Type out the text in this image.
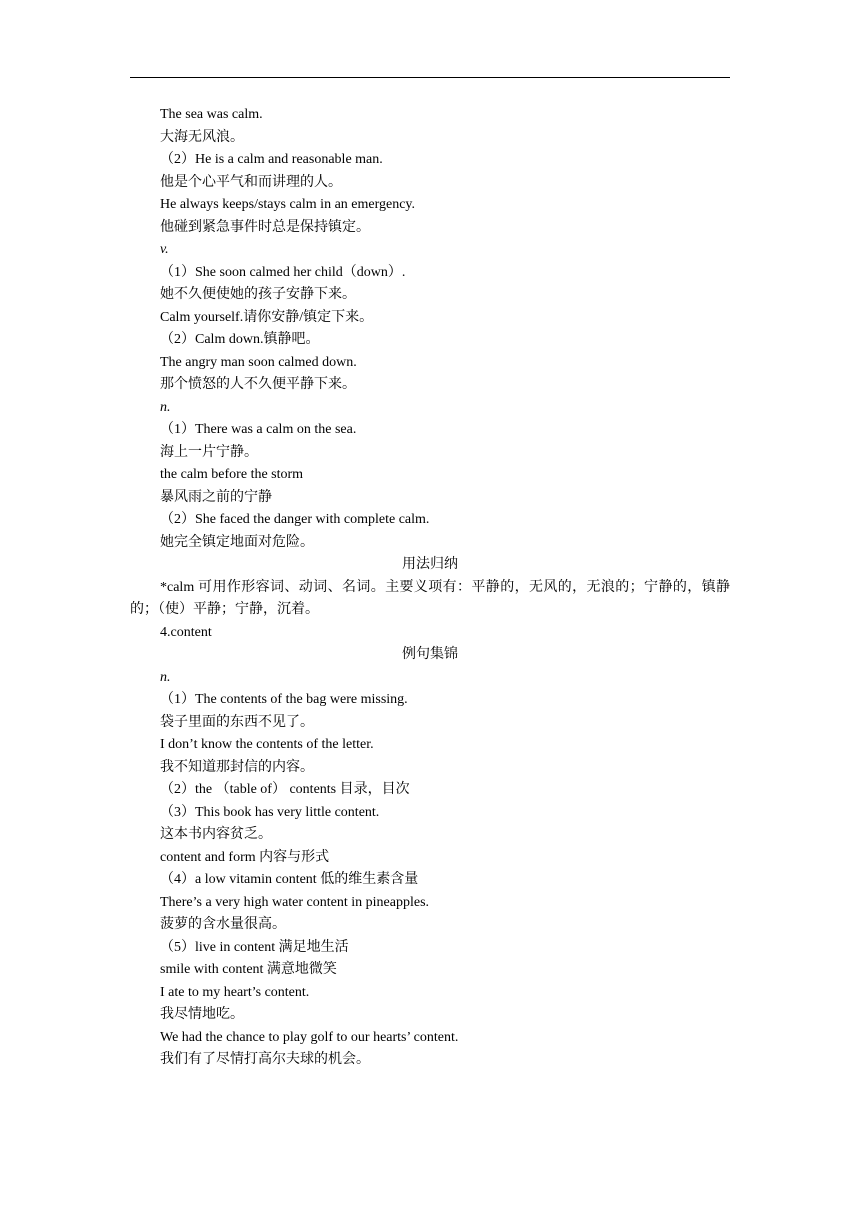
The sea was calm.

大海无风浪。

（2）He is a calm and reasonable man.

他是个心平气和而讲理的人。

He always keeps/stays calm in an emergency.

他碰到紧急事件时总是保持镇定。

v.

（1）She soon calmed her child（down）.

她不久便使她的孩子安静下来。

Calm yourself.请你安静/镇定下来。

（2）Calm down.镇静吧。

The angry man soon calmed down.

那个愤怒的人不久便平静下来。

n.

（1）There was a calm on the sea.

海上一片宁静。

the calm before the storm

暴风雨之前的宁静

（2）She faced the danger with complete calm.

她完全镇定地面对危险。

用法归纳

*calm 可用作形容词、动词、名词。主要义项有：平静的，无风的，无浪的；宁静的，镇静的；（使）平静；宁静，沉着。

4.content

例句集锦

n.

（1）The contents of the bag were missing.

袋子里面的东西不见了。

I don’t know the contents of the letter.

我不知道那封信的内容。

（2）the （table of） contents 目录，目次

（3）This book has very little content.

这本书内容贫乏。

content and form 内容与形式

（4）a low vitamin content 低的维生素含量

There’s a very high water content in pineapples.

菠萝的含水量很高。

（5）live in content 满足地生活

smile with content 满意地微笑

I ate to my heart’s content.

我尽情地吃。

We had the chance to play golf to our hearts’ content.

我们有了尽情打高尔夫球的机会。
